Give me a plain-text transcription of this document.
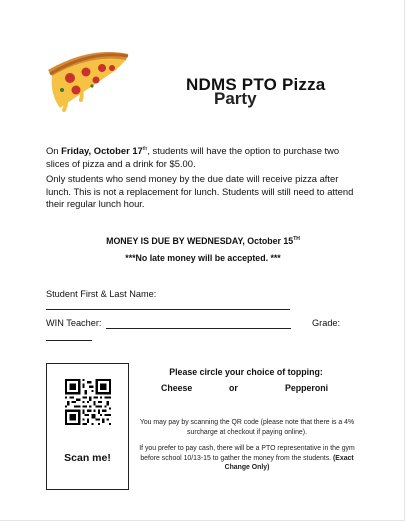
NDMS PTO Pizza
Party
On Friday, October 17th, students will have the option to purchase two slices of pizza and a drink for $5.00.
Only students who send money by the due date will receive pizza after lunch. This is not a replacement for lunch. Students will still need to attend their regular lunch hour.
MONEY IS DUE BY WEDNESDAY, October 15TH
***No late money will be accepted. ***
Student First & Last Name:
WIN Teacher:	Grade:
Scan me!
Please circle your choice of topping:
Cheese	or	Pepperoni
You may pay by scanning the QR code (please note that there is a 4% surcharge at checkout if paying online).
If you prefer to pay cash, there will be a PTO representative in the gym before school 10/13-15 to gather the money from the students. (Exact Change Only)
